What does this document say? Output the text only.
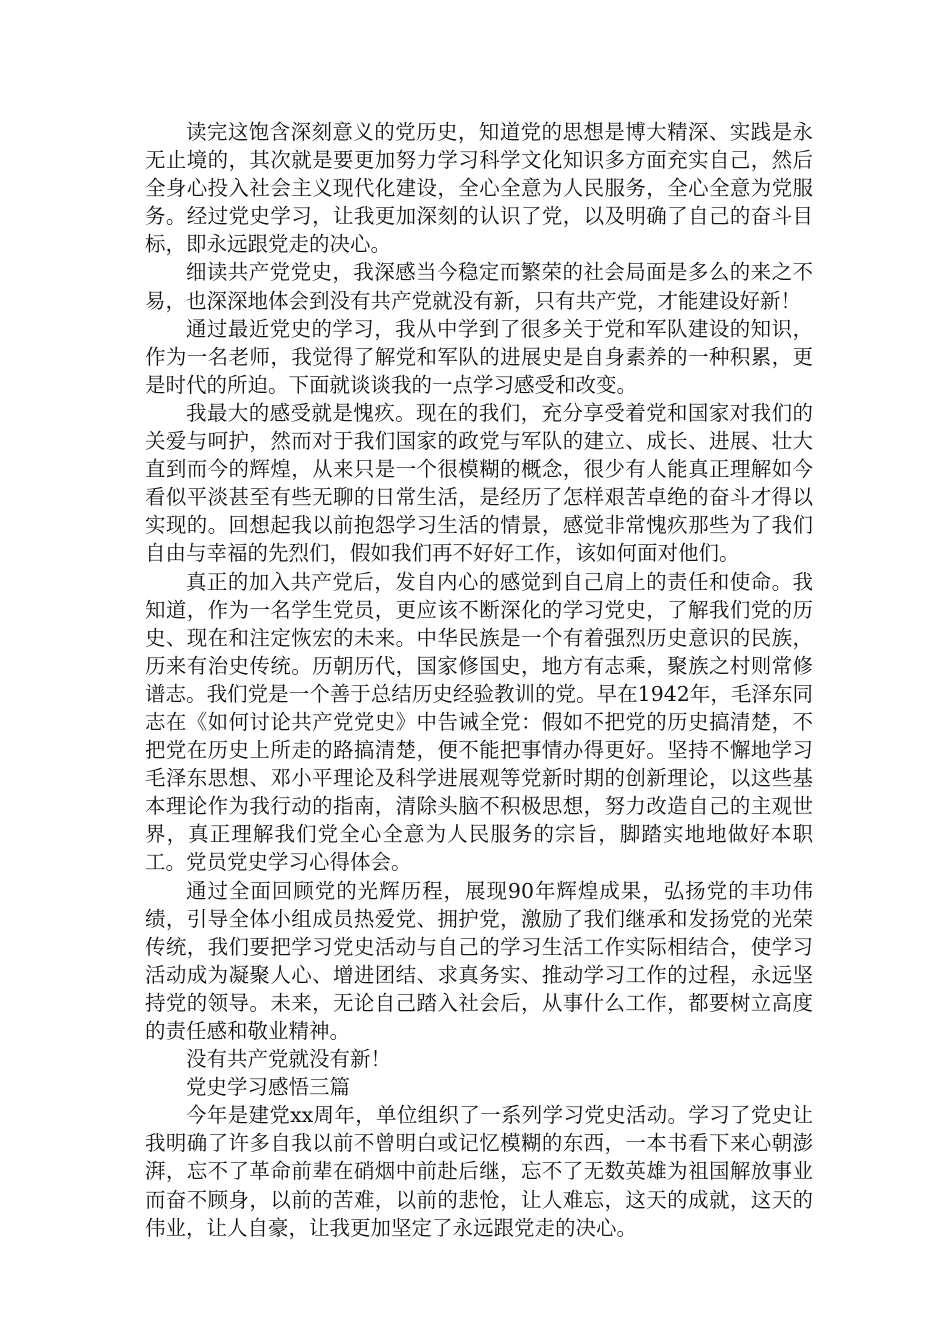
读完这饱含深刻意义的党历史，知道党的思想是博大精深、实践是永无止境的，其次就是要更加努力学习科学文化知识多方面充实自己，然后全身心投入社会主义现代化建设，全心全意为人民服务，全心全意为党服务。经过党史学习，让我更加深刻的认识了党，以及明确了自己的奋斗目标，即永远跟党走的决心。

细读共产党党史，我深感当今稳定而繁荣的社会局面是多么的来之不易，也深深地体会到没有共产党就没有新，只有共产党，才能建设好新！

通过最近党史的学习，我从中学到了很多关于党和军队建设的知识，作为一名老师，我觉得了解党和军队的进展史是自身素养的一种积累，更是时代的所迫。下面就谈谈我的一点学习感受和改变。

我最大的感受就是愧疚。现在的我们，充分享受着党和国家对我们的关爱与呵护，然而对于我们国家的政党与军队的建立、成长、进展、壮大直到而今的辉煌，从来只是一个很模糊的概念，很少有人能真正理解如今看似平淡甚至有些无聊的日常生活，是经历了怎样艰苦卓绝的奋斗才得以实现的。回想起我以前抱怨学习生活的情景，感觉非常愧疚那些为了我们自由与幸福的先烈们，假如我们再不好好工作，该如何面对他们。

真正的加入共产党后，发自内心的感觉到自己肩上的责任和使命。我知道，作为一名学生党员，更应该不断深化的学习党史，了解我们党的历史、现在和注定恢宏的未来。中华民族是一个有着强烈历史意识的民族，历来有治史传统。历朝历代，国家修国史，地方有志乘，聚族之村则常修谱志。我们党是一个善于总结历史经验教训的党。早在1942年，毛泽东同志在《如何讨论共产党党史》中告诫全党：假如不把党的历史搞清楚，不把党在历史上所走的路搞清楚，便不能把事情办得更好。坚持不懈地学习毛泽东思想、邓小平理论及科学进展观等党新时期的创新理论，以这些基本理论作为我行动的指南，清除头脑不积极思想，努力改造自己的主观世界，真正理解我们党全心全意为人民服务的宗旨，脚踏实地地做好本职工。党员党史学习心得体会。

通过全面回顾党的光辉历程，展现90年辉煌成果，弘扬党的丰功伟绩，引导全体小组成员热爱党、拥护党，激励了我们继承和发扬党的光荣传统，我们要把学习党史活动与自己的学习生活工作实际相结合，使学习活动成为凝聚人心、增进团结、求真务实、推动学习工作的过程，永远坚持党的领导。未来，无论自己踏入社会后，从事什么工作，都要树立高度的责任感和敬业精神。

没有共产党就没有新！

党史学习感悟三篇

今年是建党xx周年，单位组织了一系列学习党史活动。学习了党史让我明确了许多自我以前不曾明白或记忆模糊的东西，一本书看下来心朝澎湃，忘不了革命前辈在硝烟中前赴后继，忘不了无数英雄为祖国解放事业而奋不顾身，以前的苦难，以前的悲怆，让人难忘，这天的成就，这天的伟业，让人自豪，让我更加坚定了永远跟党走的决心。
